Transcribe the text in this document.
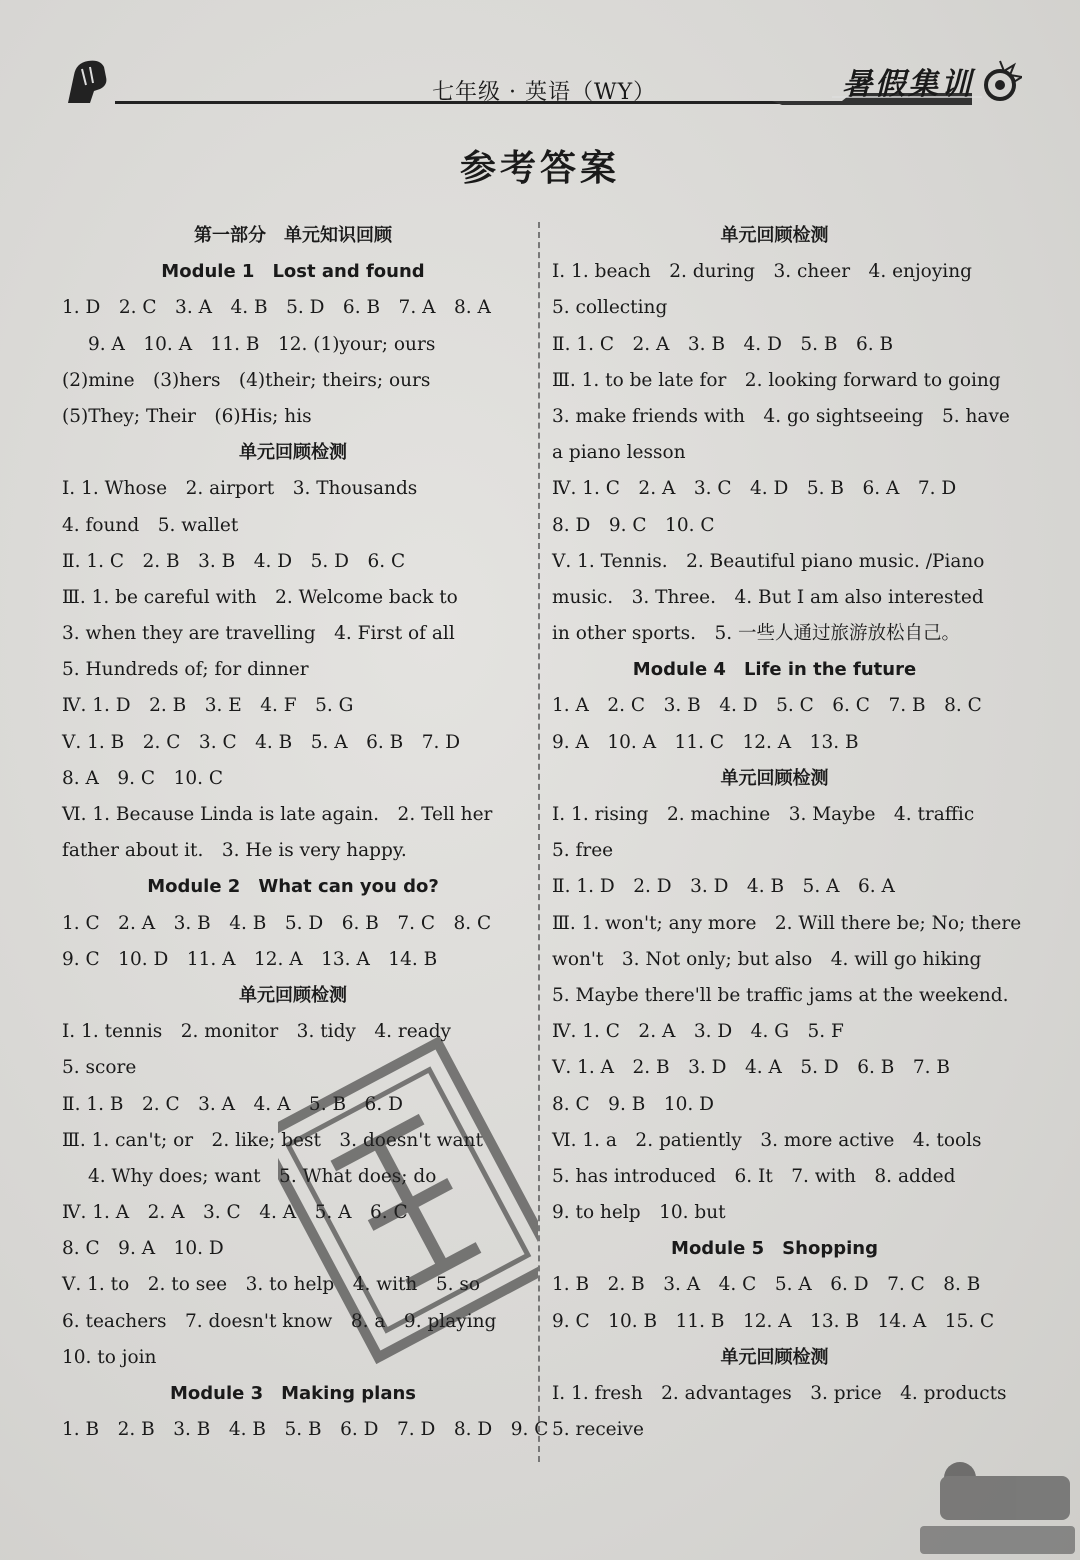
七年级 · 英语（WY）	暑假集训
参考答案
第一部分　单元知识回顾
Module 1　Lost and found
1. D　2. C　3. A　4. B　5. D　6. B　7. A　8. A
9. A　10. A　11. B　12. (1)your; ours
(2)mine　(3)hers　(4)their; theirs; ours
(5)They; Their　(6)His; his
单元回顾检测
Ⅰ. 1. Whose　2. airport　3. Thousands
4. found　5. wallet
Ⅱ. 1. C　2. B　3. B　4. D　5. D　6. C
Ⅲ. 1. be careful with　2. Welcome back to
3. when they are travelling　4. First of all
5. Hundreds of; for dinner
Ⅳ. 1. D　2. B　3. E　4. F　5. G
Ⅴ. 1. B　2. C　3. C　4. B　5. A　6. B　7. D
8. A　9. C　10. C
Ⅵ. 1. Because Linda is late again.　2. Tell her
father about it.　3. He is very happy.
Module 2　What can you do?
1. C　2. A　3. B　4. B　5. D　6. B　7. C　8. C
9. C　10. D　11. A　12. A　13. A　14. B
单元回顾检测
Ⅰ. 1. tennis　2. monitor　3. tidy　4. ready
5. score
Ⅱ. 1. B　2. C　3. A　4. A　5. B　6. D
Ⅲ. 1. can't; or　2. like; best　3. doesn't want
4. Why does; want　5. What does; do
Ⅳ. 1. A　2. A　3. C　4. A　5. A　6. C
8. C　9. A　10. D
Ⅴ. 1. to　2. to see　3. to help　4. with　5. so
6. teachers　7. doesn't know　8. a　9. playing
10. to join
Module 3　Making plans
1. B　2. B　3. B　4. B　5. B　6. D　7. D　8. D　9. C
单元回顾检测
Ⅰ. 1. beach　2. during　3. cheer　4. enjoying
5. collecting
Ⅱ. 1. C　2. A　3. B　4. D　5. B　6. B
Ⅲ. 1. to be late for　2. looking forward to going
3. make friends with　4. go sightseeing　5. have
a piano lesson
Ⅳ. 1. C　2. A　3. C　4. D　5. B　6. A　7. D
8. D　9. C　10. C
Ⅴ. 1. Tennis.　2. Beautiful piano music. /Piano
music.　3. Three.　4. But I am also interested
in other sports.　5. 一些人通过旅游放松自己。
Module 4　Life in the future
1. A　2. C　3. B　4. D　5. C　6. C　7. B　8. C
9. A　10. A　11. C　12. A　13. B
单元回顾检测
Ⅰ. 1. rising　2. machine　3. Maybe　4. traffic
5. free
Ⅱ. 1. D　2. D　3. D　4. B　5. A　6. A
Ⅲ. 1. won't; any more　2. Will there be; No; there
won't　3. Not only; but also　4. will go hiking
5. Maybe there'll be traffic jams at the weekend.
Ⅳ. 1. C　2. A　3. D　4. G　5. F
Ⅴ. 1. A　2. B　3. D　4. A　5. D　6. B　7. B
8. C　9. B　10. D
Ⅵ. 1. a　2. patiently　3. more active　4. tools
5. has introduced　6. It　7. with　8. added
9. to help　10. but
Module 5　Shopping
1. B　2. B　3. A　4. C　5. A　6. D　7. C　8. B
9. C　10. B　11. B　12. A　13. B　14. A　15. C
单元回顾检测
Ⅰ. 1. fresh　2. advantages　3. price　4. products
5. receive
